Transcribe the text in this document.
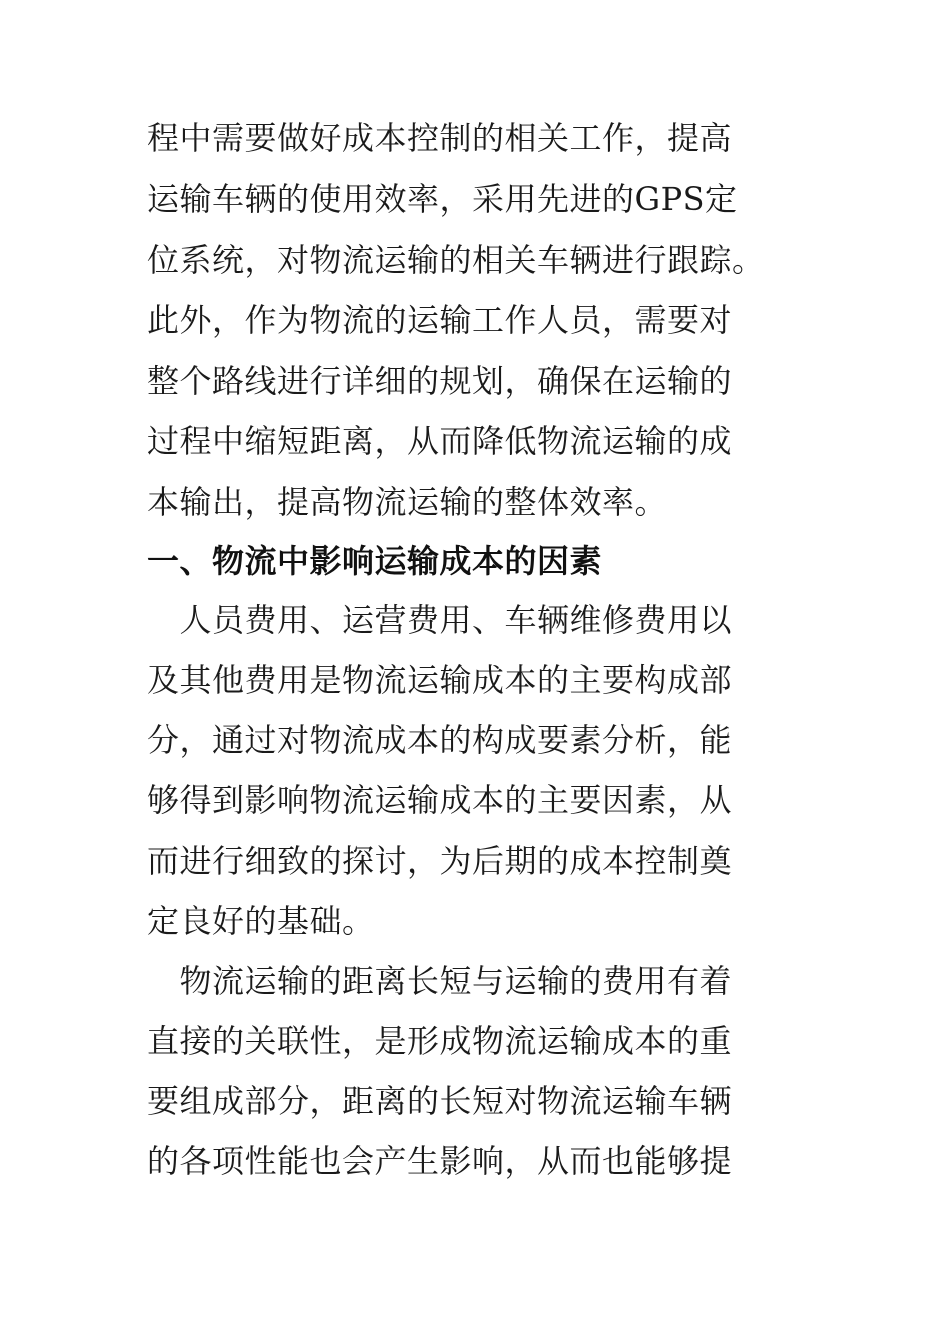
程中需要做好成本控制的相关工作，提高
运输车辆的使用效率，采用先进的GPS定
位系统，对物流运输的相关车辆进行跟踪。
此外，作为物流的运输工作人员，需要对
整个路线进行详细的规划，确保在运输的
过程中缩短距离，从而降低物流运输的成
本输出，提高物流运输的整体效率。
一、物流中影响运输成本的因素
　人员费用、运营费用、车辆维修费用以
及其他费用是物流运输成本的主要构成部
分，通过对物流成本的构成要素分析，能
够得到影响物流运输成本的主要因素，从
而进行细致的探讨，为后期的成本控制奠
定良好的基础。
　物流运输的距离长短与运输的费用有着
直接的关联性，是形成物流运输成本的重
要组成部分，距离的长短对物流运输车辆
的各项性能也会产生影响，从而也能够提
